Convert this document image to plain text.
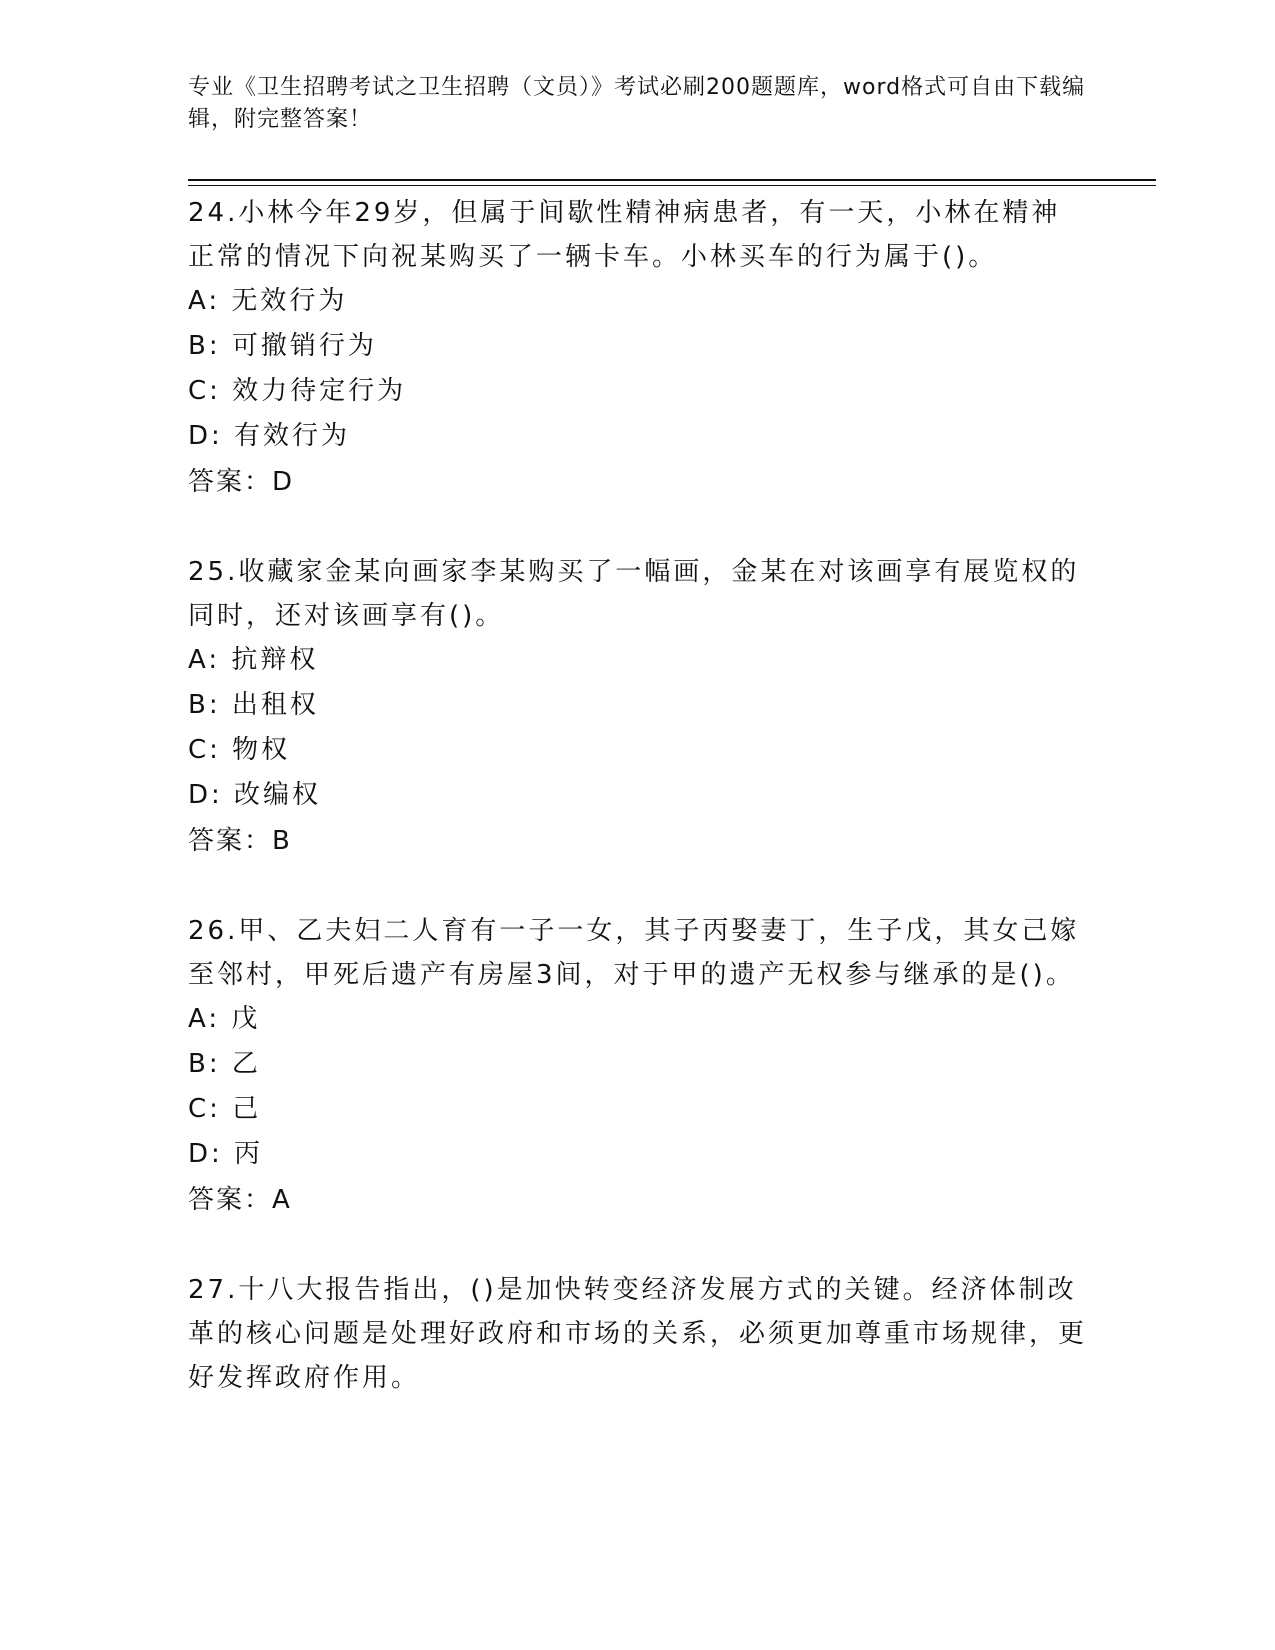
专业《卫生招聘考试之卫生招聘（文员）》考试必刷200题题库，word格式可自由下载编辑，附完整答案！

24.小林今年29岁，但属于间歇性精神病患者，有一天，小林在精神正常的情况下向祝某购买了一辆卡车。小林买车的行为属于()。

A: 无效行为

B: 可撤销行为

C: 效力待定行为

D: 有效行为

答案：D

25.收藏家金某向画家李某购买了一幅画，金某在对该画享有展览权的同时，还对该画享有()。

A: 抗辩权

B: 出租权

C: 物权

D: 改编权

答案：B

26.甲、乙夫妇二人育有一子一女，其子丙娶妻丁，生子戊，其女己嫁至邻村，甲死后遗产有房屋3间，对于甲的遗产无权参与继承的是()。

A: 戊

B: 乙

C: 己

D: 丙

答案：A

27.十八大报告指出，()是加快转变经济发展方式的关键。经济体制改革的核心问题是处理好政府和市场的关系，必须更加尊重市场规律，更好发挥政府作用。
